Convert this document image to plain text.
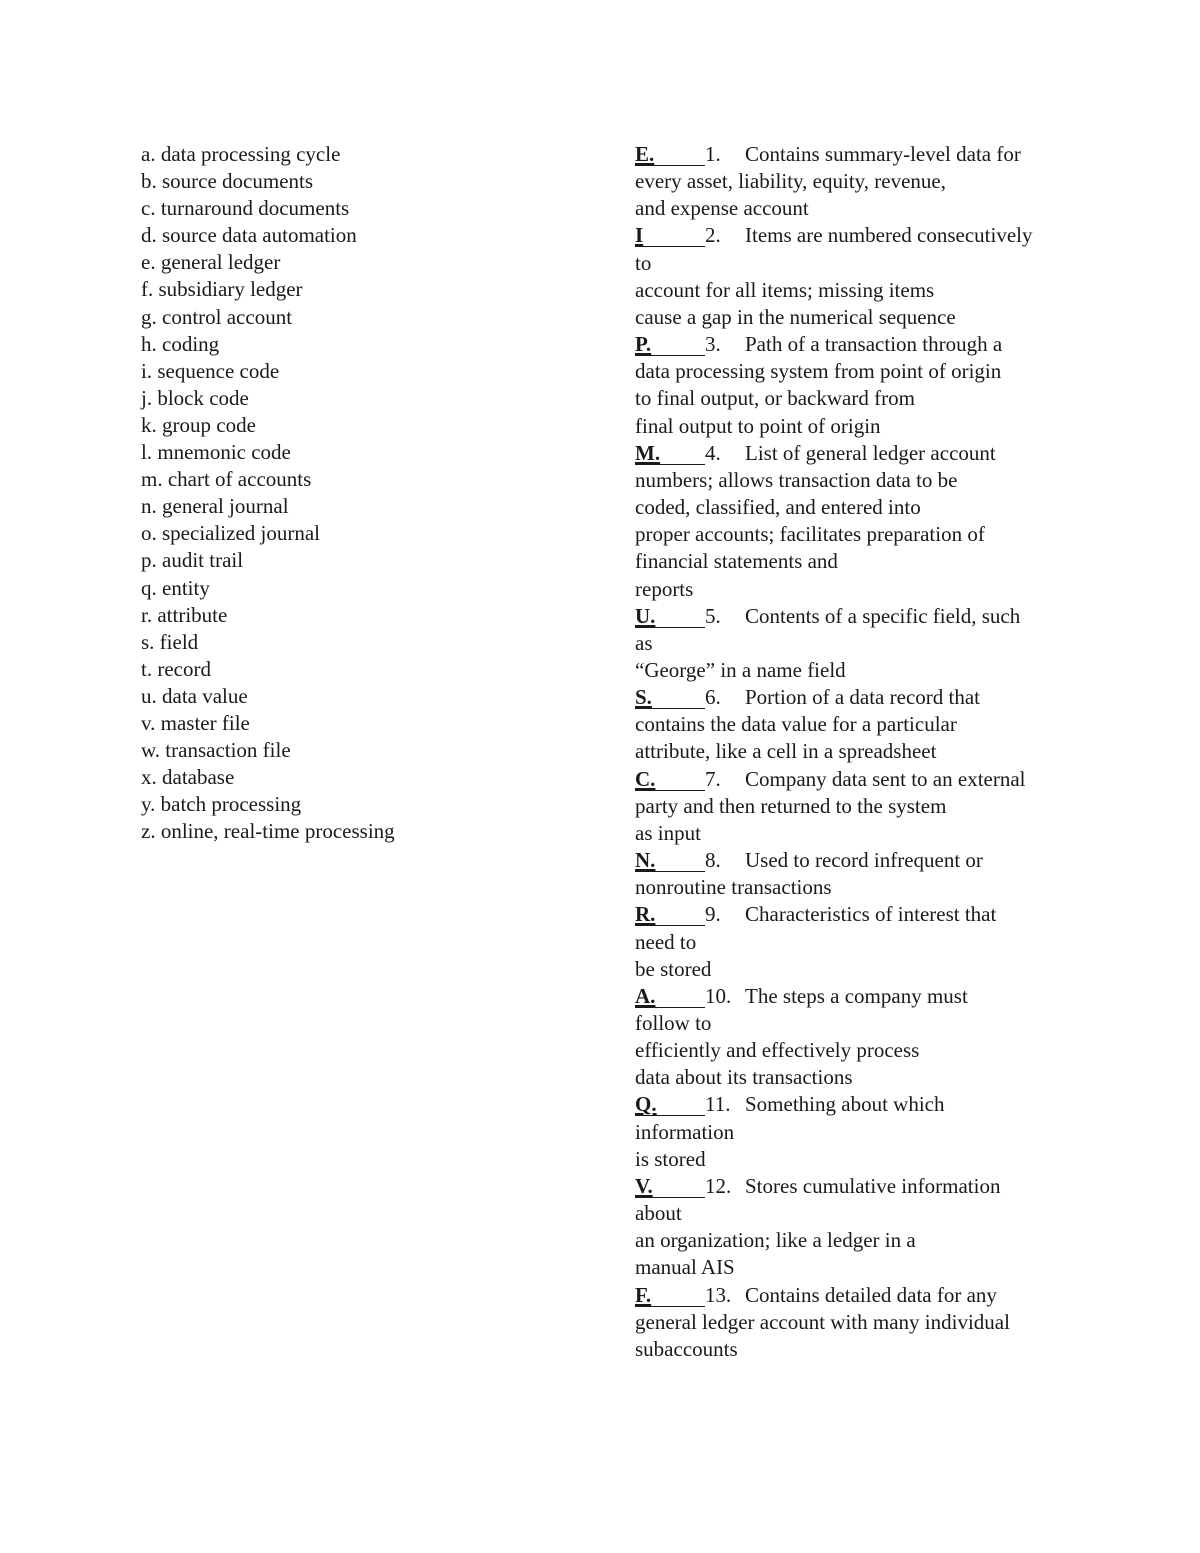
a. data processing cycle
b. source documents
c. turnaround documents
d. source data automation
e. general ledger
f. subsidiary ledger
g. control account
h. coding
i. sequence code
j. block code
k. group code
l. mnemonic code
m. chart of accounts
n. general journal
o. specialized journal
p. audit trail
q. entity
r. attribute
s. field
t. record
u. data value
v. master file
w. transaction file
x. database
y. batch processing
z. online, real-time processing
E. 1. Contains summary-level data for
every asset, liability, equity, revenue,
and expense account
I	2. Items are numbered consecutively
to
account for all items; missing items
cause a gap in the numerical sequence
P.	3. Path of a transaction through a
data processing system from point of origin
to final output, or backward from
final output to point of origin
M. 4. List of general ledger account
numbers; allows transaction data to be
coded, classified, and entered into
proper accounts; facilitates preparation of
financial statements and
reports
U. 5. Contents of a specific field, such
as
“George” in a name field
S.	6. Portion of a data record that
contains the data value for a particular
attribute, like a cell in a spreadsheet
C. 7. Company data sent to an external
party and then returned to the system
as input
N. 8. Used to record infrequent or
nonroutine transactions
R. 9. Characteristics of interest that
need to
be stored
A. 10. The steps a company must
follow to
efficiently and effectively process
data about its transactions
Q. 11. Something about which
information
is stored
V. 12. Stores cumulative information
about
an organization; like a ledger in a
manual AIS
F.	13. Contains detailed data for any
general ledger account with many individual
subaccounts
